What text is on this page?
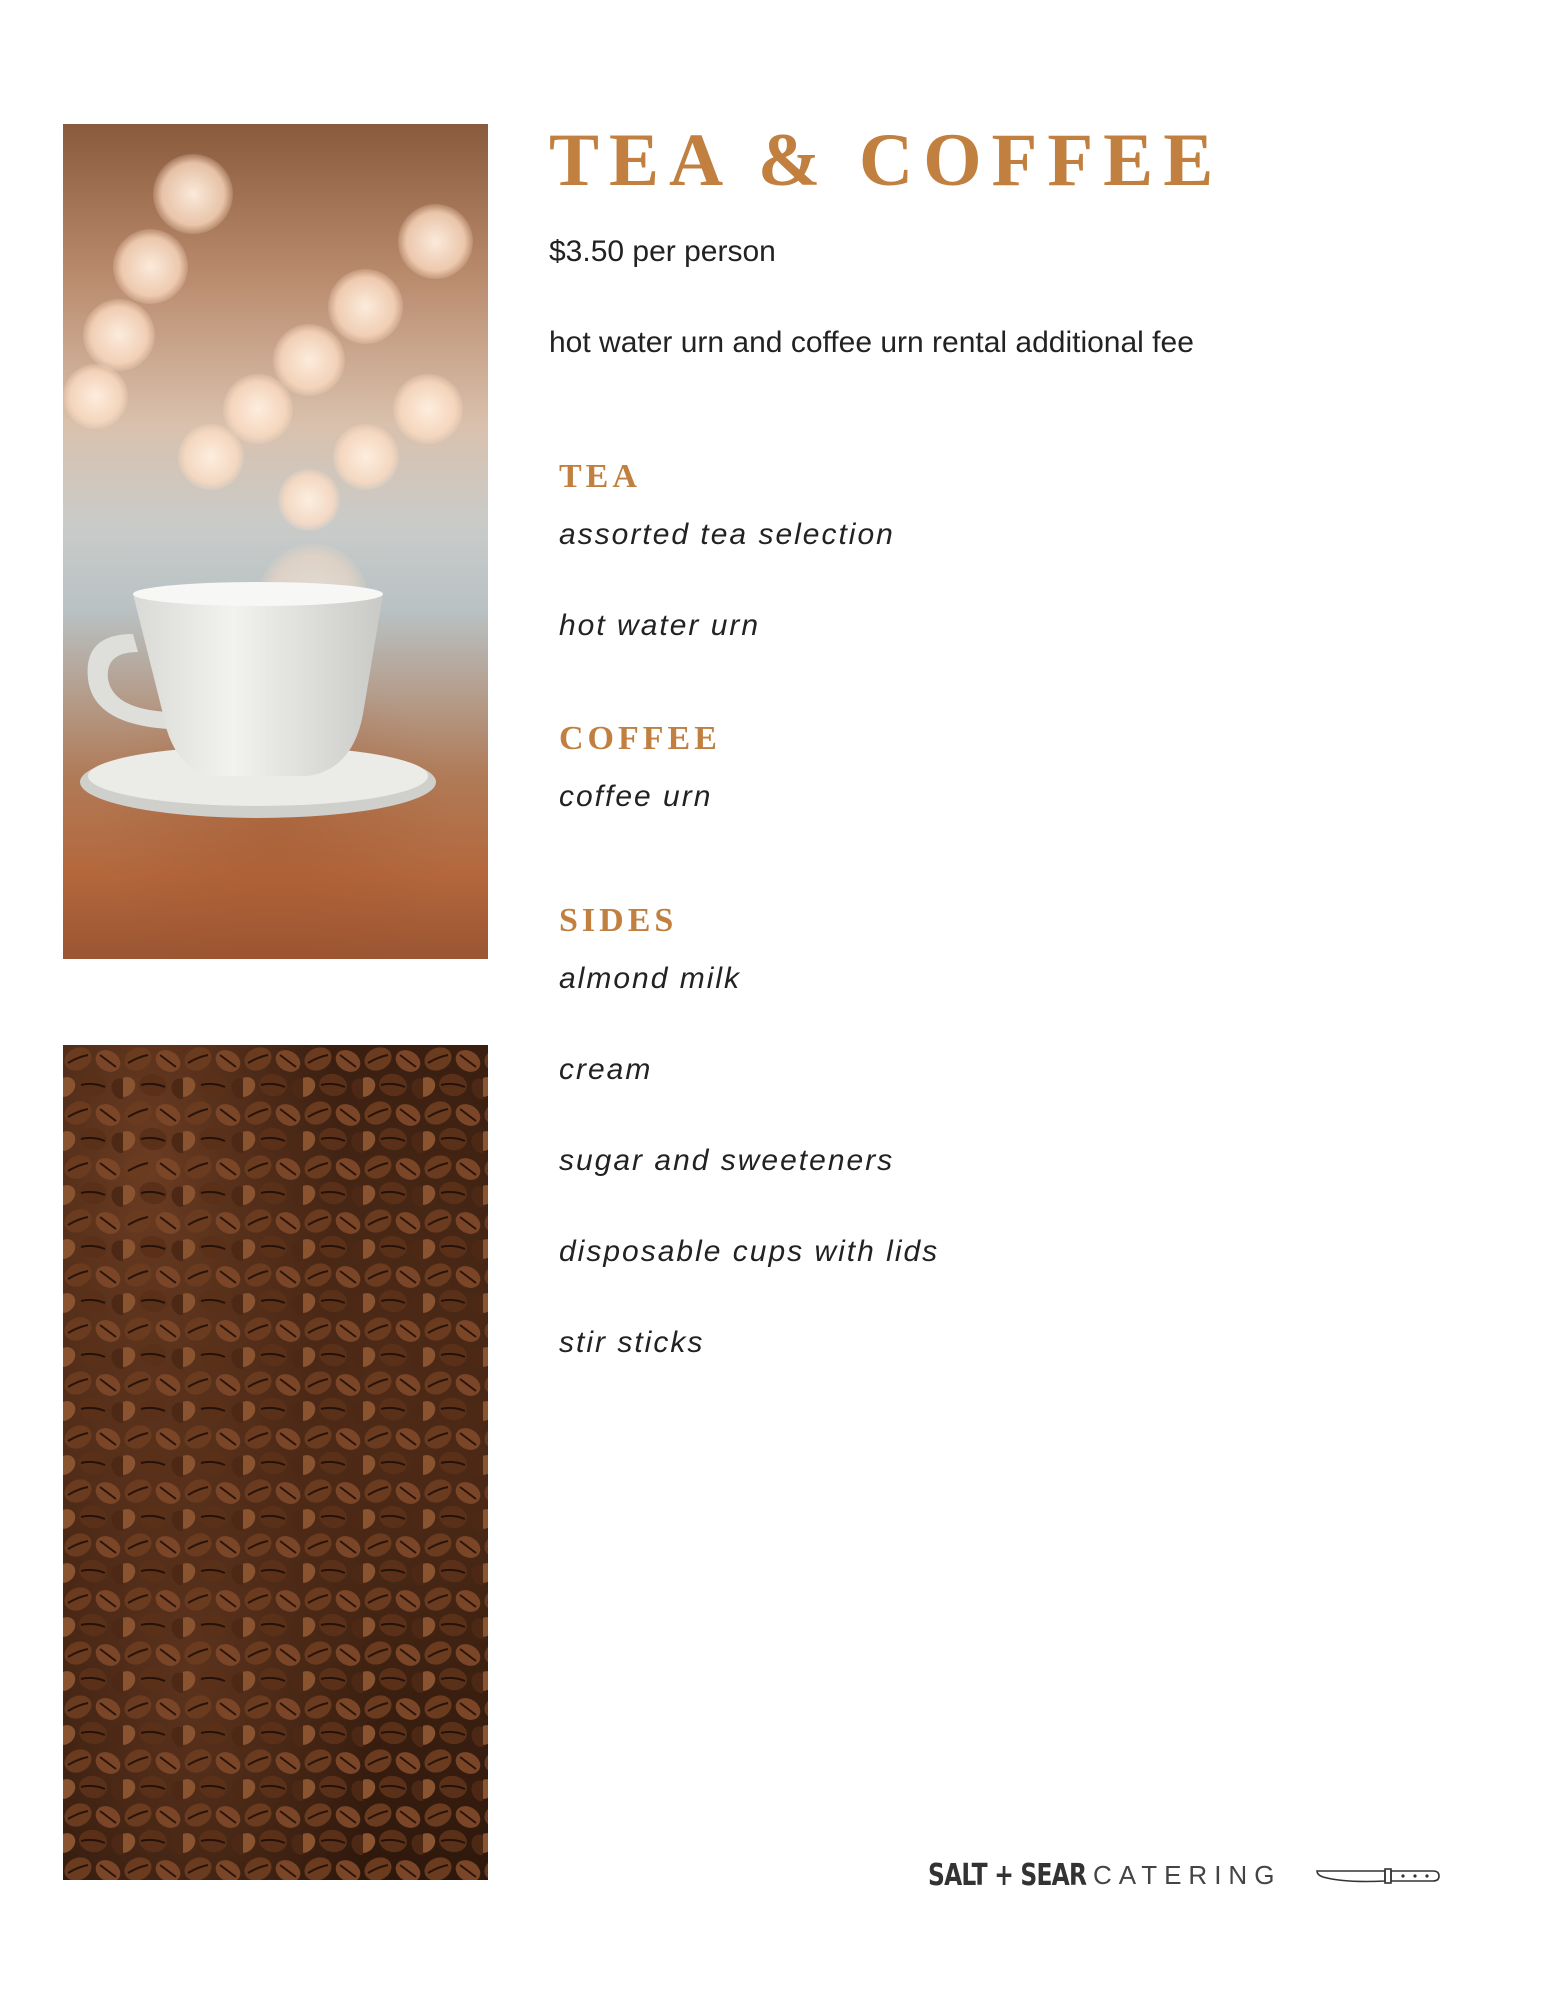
TEA & COFFEE
$3.50 per person
hot water urn and coffee urn rental additional fee
TEA
assorted tea selection
hot water urn
COFFEE
coffee urn
SIDES
almond milk
cream
sugar and sweeteners
disposable cups with lids
stir sticks
SALT + SEAR CATERING
